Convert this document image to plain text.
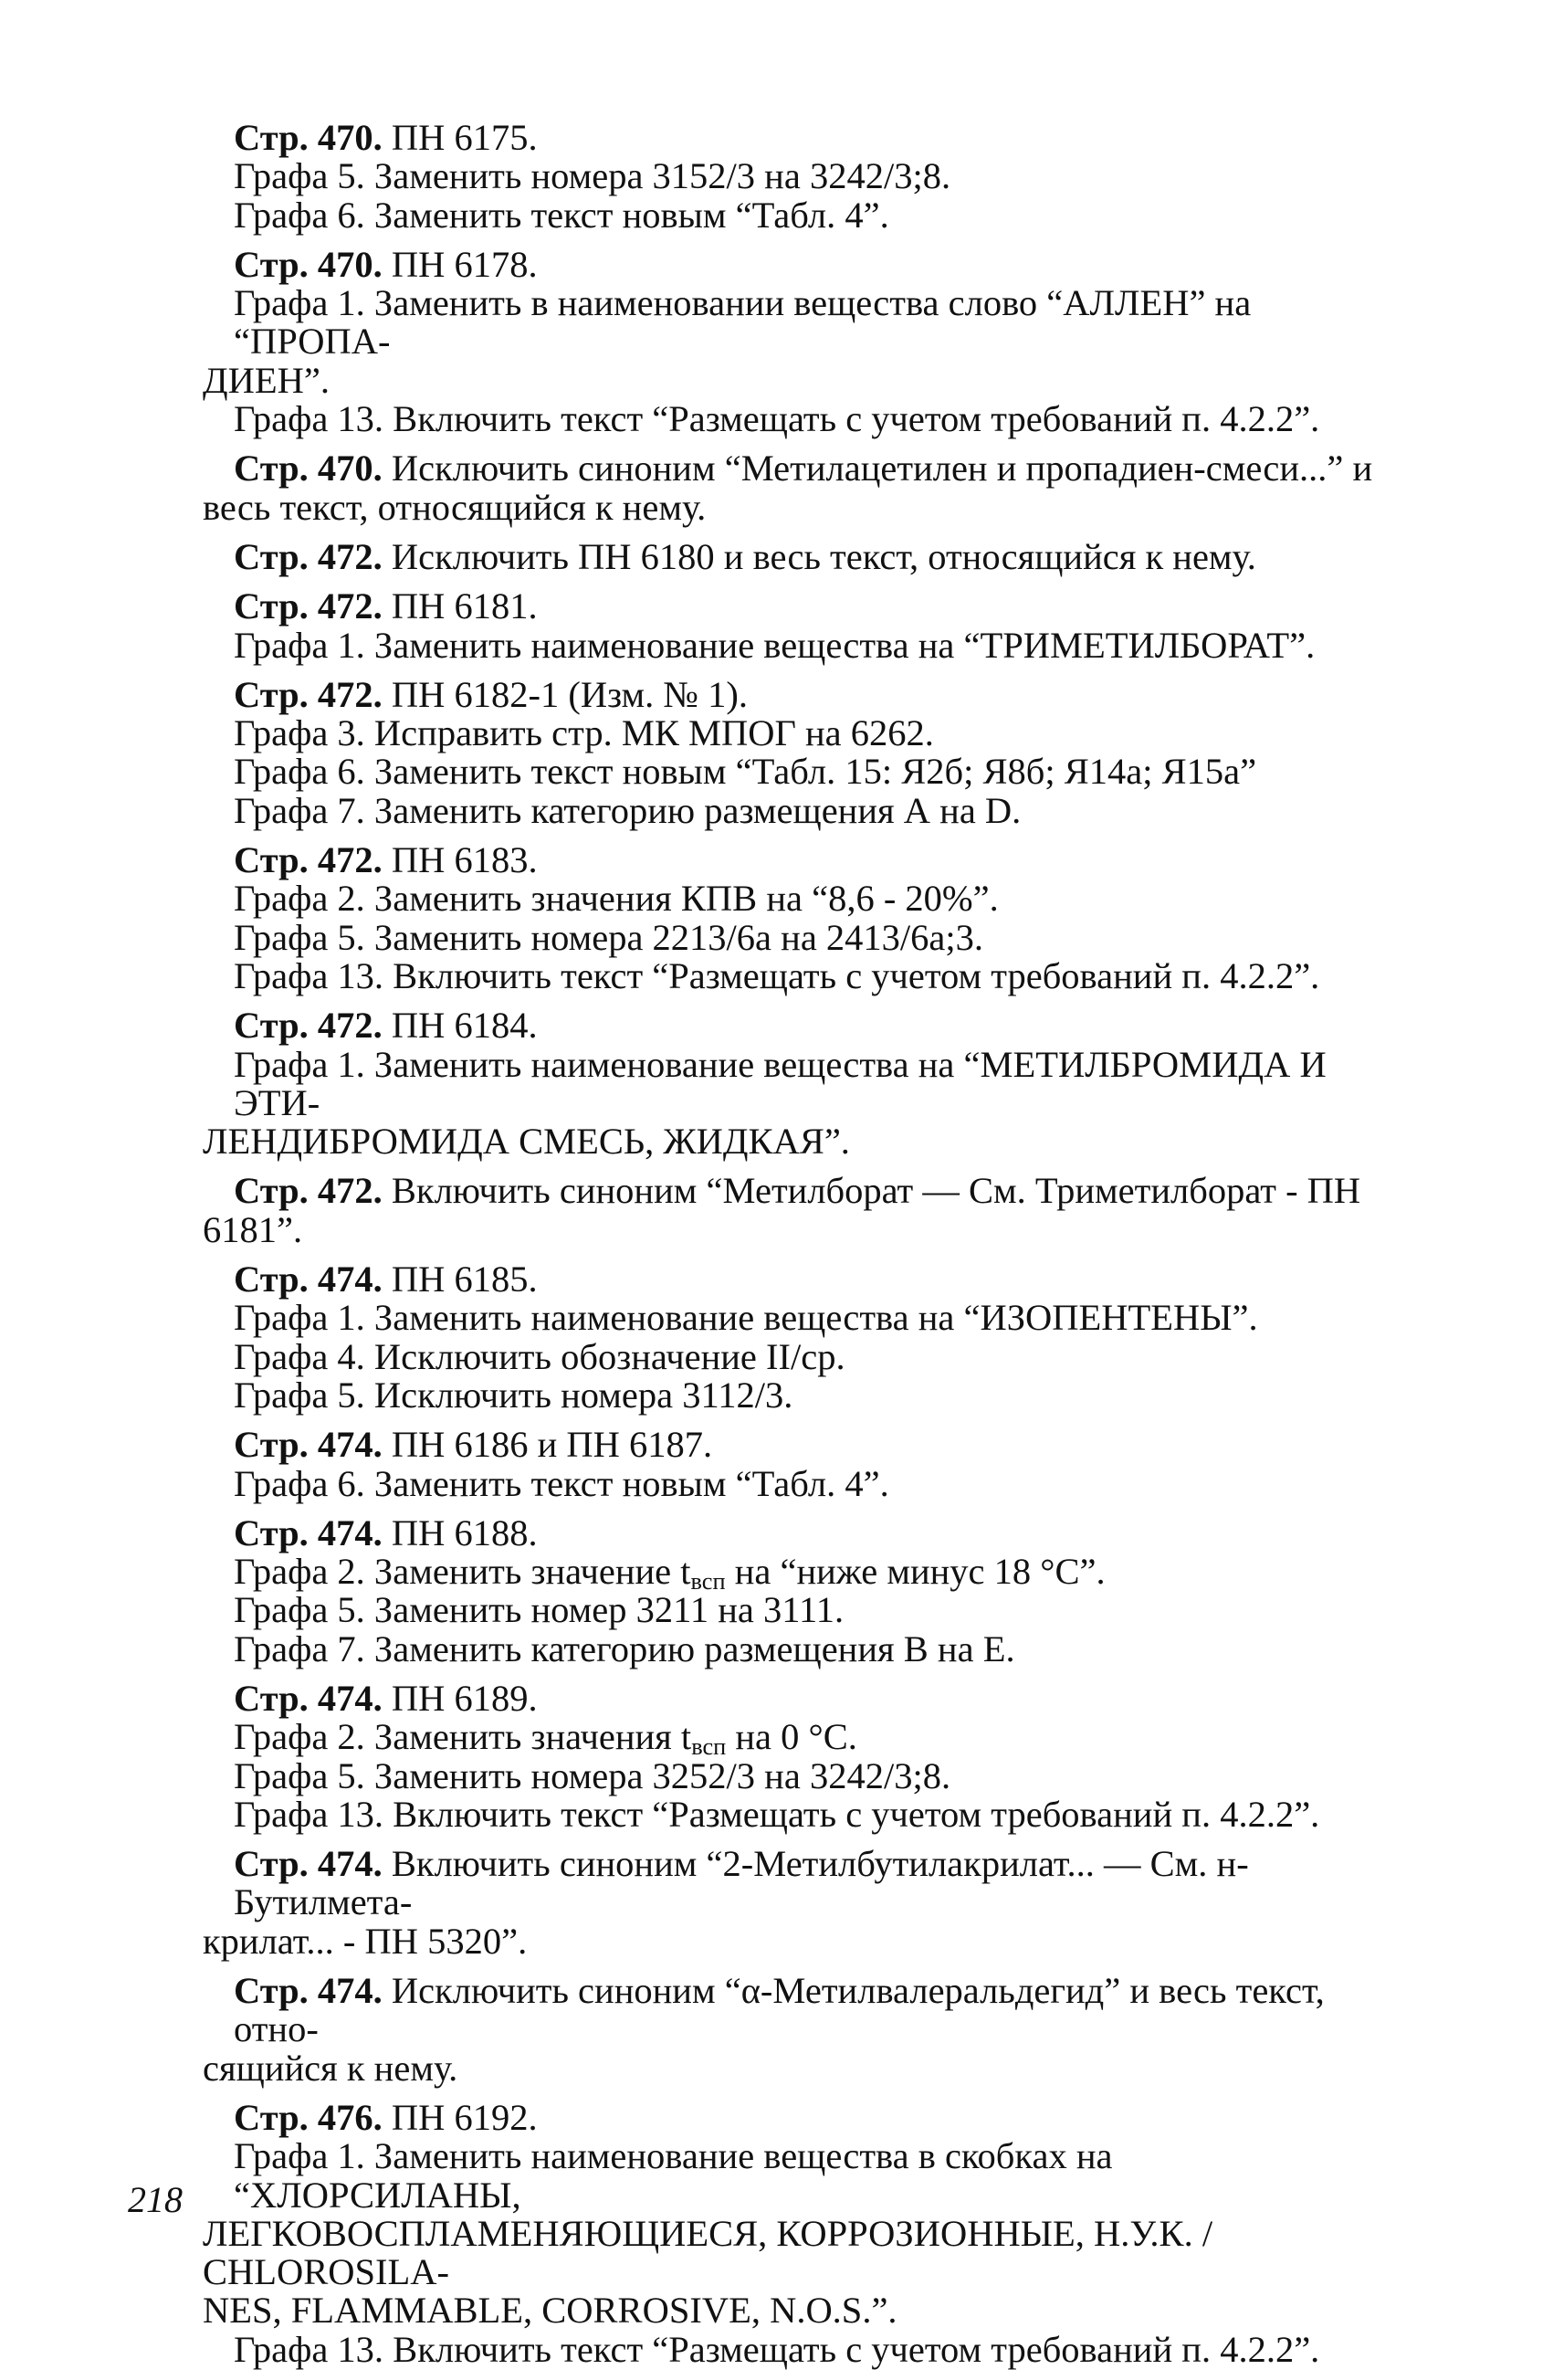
Стр. 470. ПН 6175.
Графа 5. Заменить номера 3152/3 на 3242/3;8.
Графа 6. Заменить текст новым “Табл. 4”.
Стр. 470. ПН 6178.
Графа 1. Заменить в наименовании вещества слово “АЛЛЕН” на “ПРОПА-
ДИЕН”.
Графа 13. Включить текст “Размещать с учетом требований п. 4.2.2”.
Стр. 470. Исключить синоним “Метилацетилен и пропадиен-смеси...” и
весь текст, относящийся к нему.
Стр. 472. Исключить ПН 6180 и весь текст, относящийся к нему.
Стр. 472. ПН 6181.
Графа 1. Заменить наименование вещества на “ТРИМЕТИЛБОРАТ”.
Стр. 472. ПН 6182-1 (Изм. № 1).
Графа 3. Исправить стр. МК МПОГ на 6262.
Графа 6. Заменить текст новым “Табл. 15: Я2б; Я8б; Я14а; Я15а”
Графа 7. Заменить категорию размещения А на D.
Стр. 472. ПН 6183.
Графа 2. Заменить значения КПВ на “8,6 - 20%”.
Графа 5. Заменить номера 2213/6а на 2413/6а;3.
Графа 13. Включить текст “Размещать с учетом требований п. 4.2.2”.
Стр. 472. ПН 6184.
Графа 1. Заменить наименование вещества на “МЕТИЛБРОМИДА И ЭТИ-
ЛЕНДИБРОМИДА СМЕСЬ, ЖИДКАЯ”.
Стр. 472. Включить синоним “Метилборат — См. Триметилборат - ПН
6181”.
Стр. 474. ПН 6185.
Графа 1. Заменить наименование вещества на “ИЗОПЕНТЕНЫ”.
Графа 4. Исключить обозначение II/ср.
Графа 5. Исключить номера 3112/3.
Стр. 474. ПН 6186 и ПН 6187.
Графа 6. Заменить текст новым “Табл. 4”.
Стр. 474. ПН 6188.
Графа 2. Заменить значение $t_{всп}$ на “ниже минус 18 °С”.
Графа 5. Заменить номер 3211 на 3111.
Графа 7. Заменить категорию размещения В на Е.
Стр. 474. ПН 6189.
Графа 2. Заменить значения $t_{всп}$ на 0 °С.
Графа 5. Заменить номера 3252/3 на 3242/3;8.
Графа 13. Включить текст “Размещать с учетом требований п. 4.2.2”.
Стр. 474. Включить синоним “2-Метилбутилакрилат... — См. н-Бутилмета-
крилат... - ПН 5320”.
Стр. 474. Исключить синоним “α-Метилвалеральдегид” и весь текст, отно-
сящийся к нему.
Стр. 476. ПН 6192.
Графа 1. Заменить наименование вещества в скобках на “ХЛОРСИЛАНЫ,
ЛЕГКОВОСПЛАМЕНЯЮЩИЕСЯ, КОРРОЗИОННЫЕ, Н.У.К. / CHLOROSILA-
NES, FLAMMABLE, CORROSIVE, N.O.S.”.
Графа 13. Включить текст “Размещать с учетом требований п. 4.2.2”.
218
